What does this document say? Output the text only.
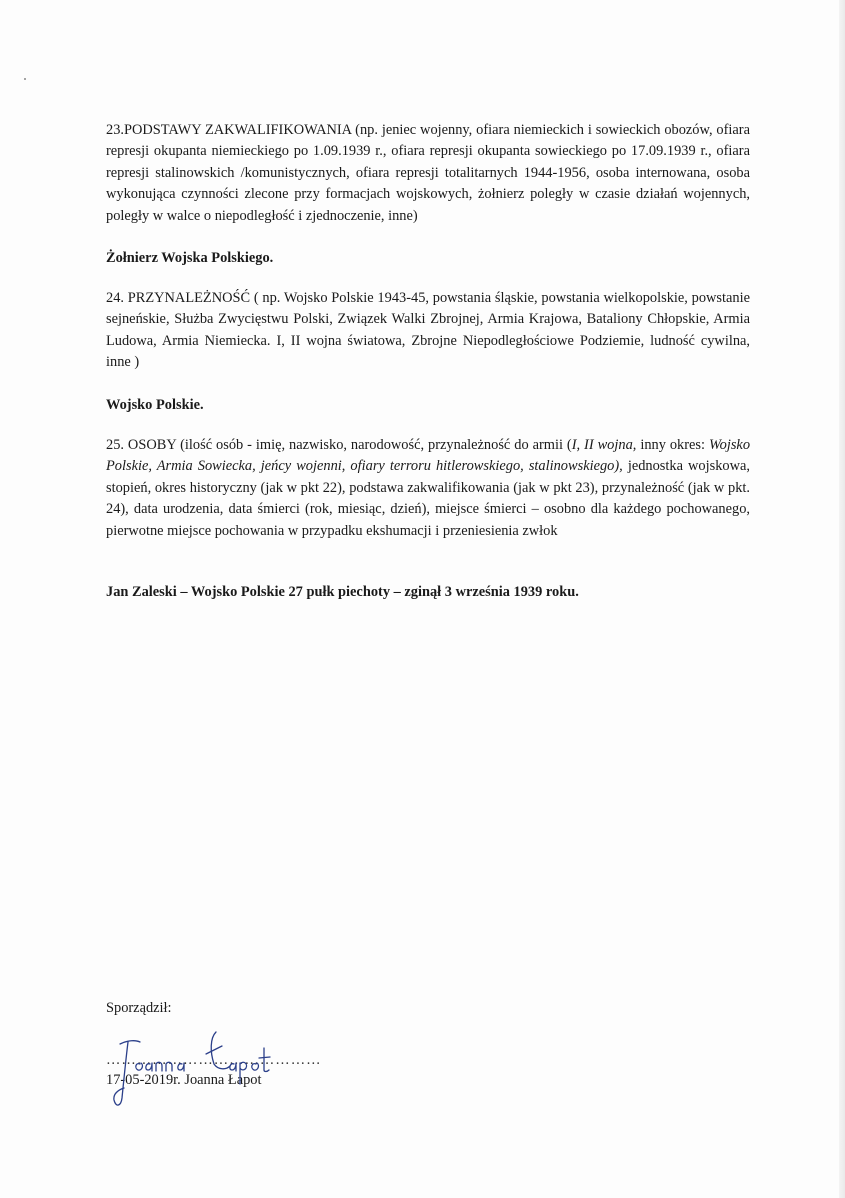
23.PODSTAWY ZAKWALIFIKOWANIA (np. jeniec wojenny, ofiara niemieckich i sowieckich obozów, ofiara represji okupanta niemieckiego po 1.09.1939 r., ofiara represji okupanta sowieckiego po 17.09.1939 r., ofiara represji stalinowskich /komunistycznych, ofiara represji totalitarnych 1944-1956, osoba internowana, osoba wykonująca czynności zlecone przy formacjach wojskowych, żołnierz poległy w czasie działań wojennych, poległy w walce o niepodległość i zjednoczenie, inne)

Żołnierz Wojska Polskiego.

24. PRZYNALEŻNOŚĆ ( np. Wojsko Polskie 1943-45, powstania śląskie, powstania wielkopolskie, powstanie sejneńskie, Służba Zwycięstwu Polski, Związek Walki Zbrojnej, Armia Krajowa, Bataliony Chłopskie, Armia Ludowa, Armia Niemiecka. I, II wojna światowa, Zbrojne Niepodległościowe Podziemie, ludność cywilna, inne )

Wojsko Polskie.

25. OSOBY (ilość osób - imię, nazwisko, narodowość, przynależność do armii (I, II wojna, inny okres: Wojsko Polskie, Armia Sowiecka, jeńcy wojenni, ofiary terroru hitlerowskiego, stalinowskiego), jednostka wojskowa, stopień, okres historyczny (jak w pkt 22), podstawa zakwalifikowania (jak w pkt 23), przynależność (jak w pkt. 24), data urodzenia, data śmierci (rok, miesiąc, dzień), miejsce śmierci – osobno dla każdego pochowanego, pierwotne miejsce pochowania w przypadku ekshumacji i przeniesienia zwłok

Jan Zaleski – Wojsko Polskie 27 pułk piechoty – zginął 3 września 1939 roku.

Sporządził:
……………………………………
17-05-2019r. Joanna Łapot
